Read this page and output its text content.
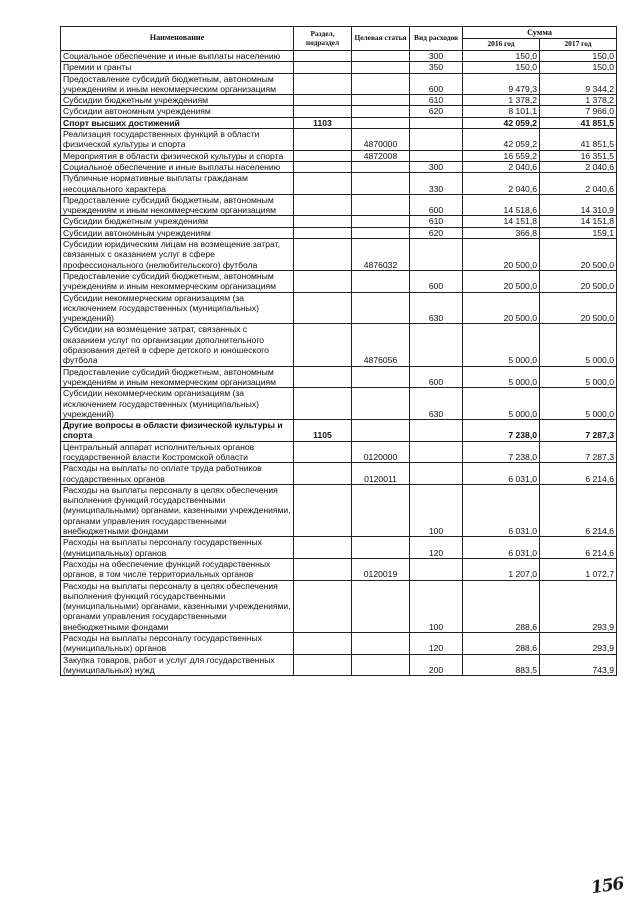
Наименование	Раздел, подраздел	Целевая статья	Вид расходов	Сумма	
				2016 год	2017 год
Социальное обеспечение и иные выплаты населению			300	150,0	150,0
Премии и гранты			350	150,0	150,0
Предоставление субсидий бюджетным, автономным учреждениям и иным некоммерческим организациям			600	9 479,3	9 344,2
Субсидии бюджетным учреждениям			610	1 378,2	1 378,2
Субсидии автономным учреждениям			620	8 101,1	7 966,0
Спорт высших достижений	1103			42 059,2	41 851,5
Реализация государственных функций в области физической культуры и спорта		4870000		42 059,2	41 851,5
Мероприятия в области физической культуры и спорта		4872008		16 559,2	16 351,5
Социальное обеспечение и иные выплаты населению			300	2 040,6	2 040,6
Публичные нормативные выплаты гражданам несоциального характера			330	2 040,6	2 040,6
Предоставление субсидий бюджетным, автономным учреждениям и иным некоммерческим организациям			600	14 518,6	14 310,9
Субсидии бюджетным учреждениям			610	14 151,8	14 151,8
Субсидии автономным учреждениям			620	366,8	159,1
Субсидии юридическим лицам на возмещение затрат, связанных с оказанием услуг в сфере профессионального (нелюбительского) футбола		4876032		20 500,0	20 500,0
Предоставление субсидий бюджетным, автономным учреждениям и иным некоммерческим организациям			600	20 500,0	20 500,0
Субсидии некоммерческим организациям (за исключением государственных (муниципальных) учреждений)			630	20 500,0	20 500,0
Субсидии на возмещение затрат, связанных с оказанием услуг по организации дополнительного образования детей в сфере детского и юношеского футбола		4876056		5 000,0	5 000,0
Предоставление субсидий бюджетным, автономным учреждениям и иным некоммерческим организациям			600	5 000,0	5 000,0
Субсидии некоммерческим организациям (за исключением государственных (муниципальных) учреждений)			630	5 000,0	5 000,0
Другие вопросы в области физической культуры и спорта	1105			7 238,0	7 287,3
Центральный аппарат исполнительных органов государственной власти Костромской области		0120000		7 238,0	7 287,3
Расходы на выплаты по оплате труда работников государственных органов		0120011		6 031,0	6 214,6
Расходы на выплаты персоналу в целях обеспечения выполнения функций государственными (муниципальными) органами, казенными учреждениями, органами управления государственными внебюджетными фондами			100	6 031,0	6 214,6
Расходы на выплаты персоналу государственных (муниципальных) органов			120	6 031,0	6 214,6
Расходы на обеспечение функций государственных органов, в том числе территориальных органов		0120019		1 207,0	1 072,7
Расходы на выплаты персоналу в целях обеспечения выполнения функций государственными (муниципальными) органами, казенными учреждениями, органами управления государственными внебюджетными фондами			100	288,6	293,9
Расходы на выплаты персоналу государственных (муниципальных) органов			120	288,6	293,9
Закупка товаров, работ и услуг для государственных (муниципальных) нужд			200	883,5	743,9
156
